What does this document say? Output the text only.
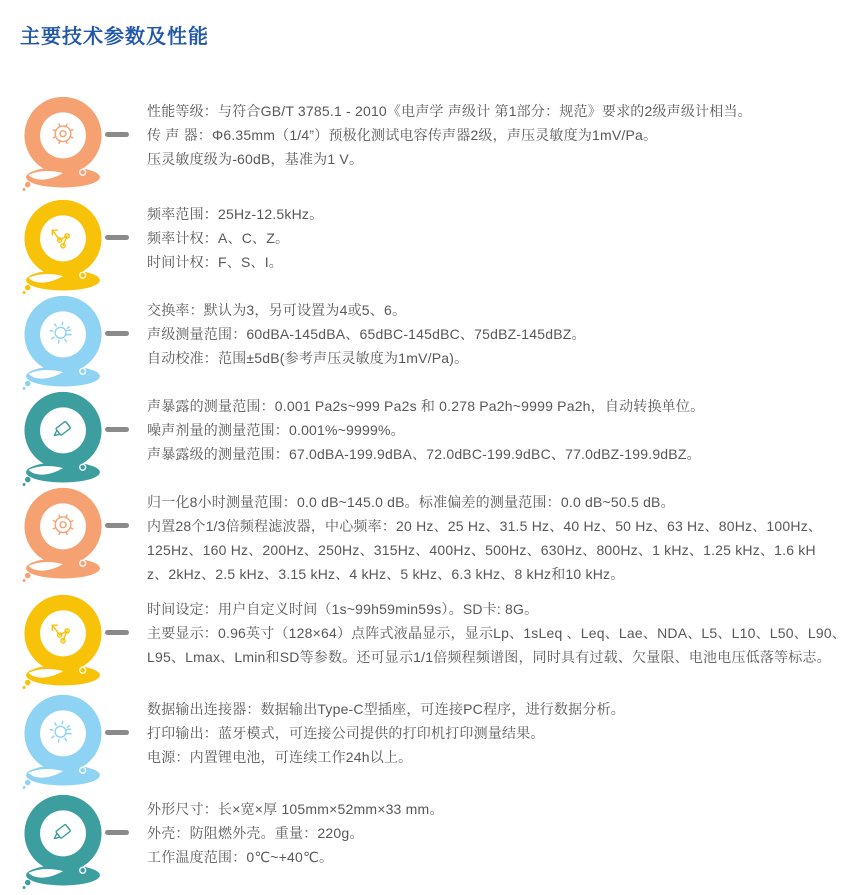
主要技术参数及性能

性能等级：与符合GB/T 3785.1 - 2010《电声学 声级计 第1部分：规范》要求的2级声级计相当。

传 声 器：Φ6.35mm（1/4”）预极化测试电容传声器2级，声压灵敏度为1mV/Pa。

压灵敏度级为-60dB，基准为1 V。

频率范围：25Hz-12.5kHz。

频率计权：A、C、Z。

时间计权：F、S、I。

交换率：默认为3，另可设置为4或5、6。

声级测量范围：60dBA-145dBA、65dBC-145dBC、75dBZ-145dBZ。

自动校准：范围±5dB(参考声压灵敏度为1mV/Pa)。

声暴露的测量范围：0.001 Pa2s~999 Pa2s 和 0.278 Pa2h~9999 Pa2h，自动转换单位。

噪声剂量的测量范围：0.001%~9999%。

声暴露级的测量范围：67.0dBA-199.9dBA、72.0dBC-199.9dBC、77.0dBZ-199.9dBZ。

归一化8小时测量范围：0.0 dB~145.0 dB。标准偏差的测量范围：0.0 dB~50.5 dB。

内置28个1/3倍频程滤波器，中心频率：20 Hz、25 Hz、31.5 Hz、40 Hz、50 Hz、63 Hz、80Hz、100Hz、

125Hz、160 Hz、200Hz、250Hz、315Hz、400Hz、500Hz、630Hz、800Hz、1 kHz、1.25 kHz、1.6 kH

z、2kHz、2.5 kHz、3.15 kHz、4 kHz、5 kHz、6.3 kHz、8 kHz和10 kHz。

时间设定：用户自定义时间（1s~99h59min59s）。SD卡: 8G。

主要显示：0.96英寸（128×64）点阵式液晶显示，显示Lp、1sLeq 、Leq、Lae、NDA、L5、L10、L50、L90、

L95、Lmax、Lmin和SD等参数。还可显示1/1倍频程频谱图，同时具有过载、欠量限、电池电压低落等标志。

数据输出连接器：数据输出Type-C型插座，可连接PC程序，进行数据分析。

打印输出：蓝牙模式，可连接公司提供的打印机打印测量结果。

电源：内置锂电池，可连续工作24h以上。

外形尺寸：长×宽×厚 105mm×52mm×33 mm。

外壳：防阻燃外壳。重量：220g。

工作温度范围：0℃~+40℃。
